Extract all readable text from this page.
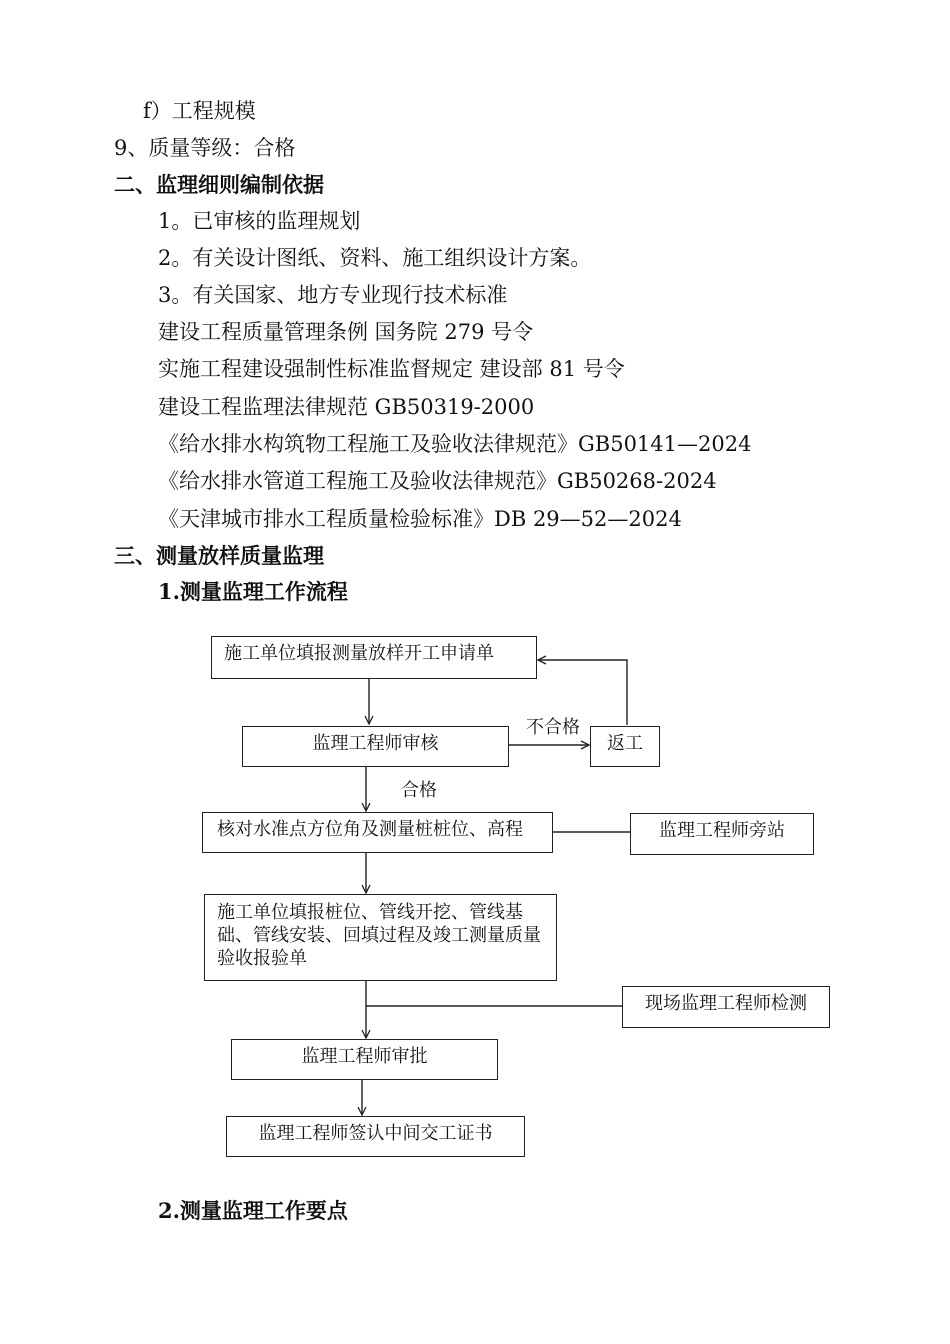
f）工程规模
9、质量等级：合格
二、监理细则编制依据
1。已审核的监理规划
2。有关设计图纸、资料、施工组织设计方案。
3。有关国家、地方专业现行技术标准
建设工程质量管理条例 国务院 279 号令
实施工程建设强制性标准监督规定 建设部 81 号令
建设工程监理法律规范 GB50319-2000
《给水排水构筑物工程施工及验收法律规范》GB50141—2024
《给水排水管道工程施工及验收法律规范》GB50268-2024
《天津城市排水工程质量检验标准》DB 29—52—2024
三、测量放样质量监理
1.测量监理工作流程
施工单位填报测量放样开工申请单
监理工程师审核	返工
不合格
合格
核对水准点方位角及测量桩桩位、高程	监理工程师旁站
施工单位填报桩位、管线开挖、管线基础、管线安装、回填过程及竣工测量质量验收报验单
现场监理工程师检测
监理工程师审批
监理工程师签认中间交工证书
2.测量监理工作要点
